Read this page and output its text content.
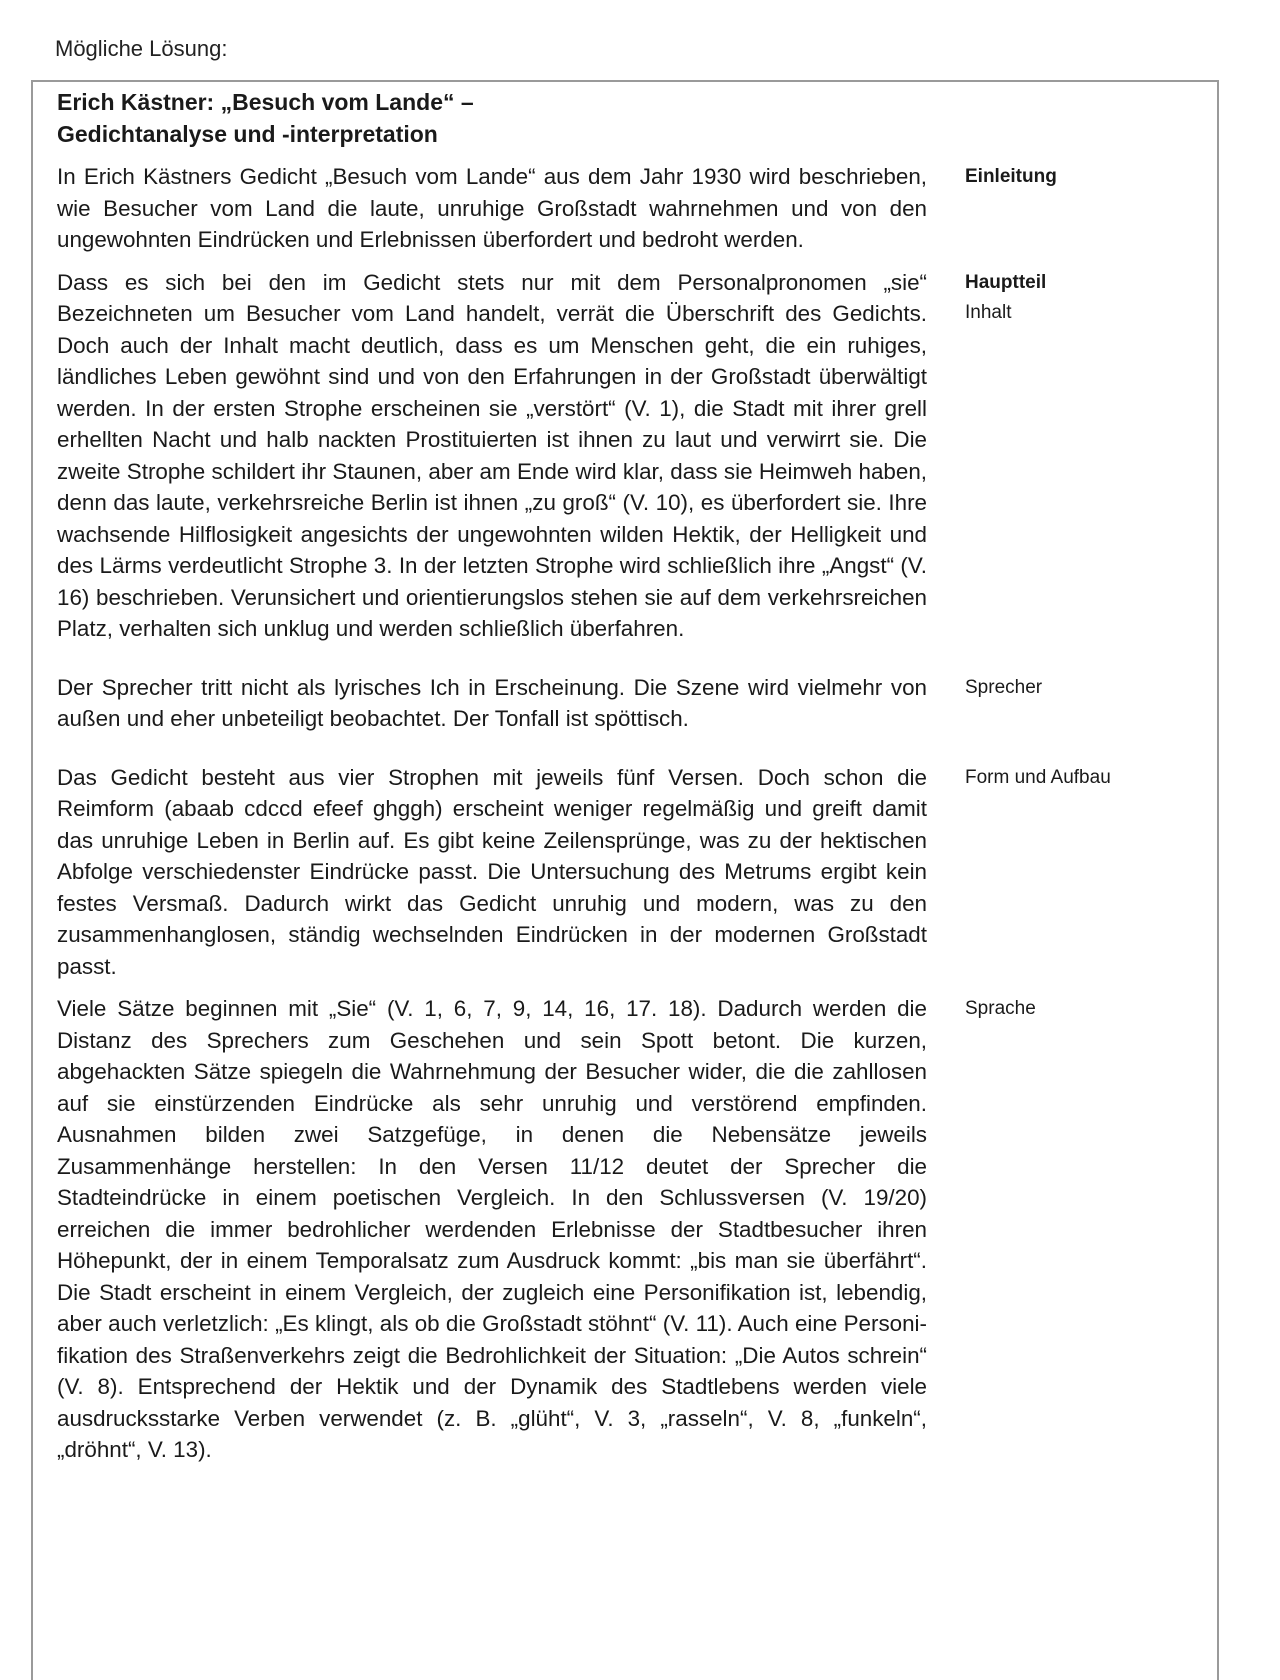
Mögliche Lösung:
Erich Kästner: „Besuch vom Lande“ –
Gedichtanalyse und -interpretation

In Erich Kästners Gedicht „Besuch vom Lande“ aus dem Jahr 1930 wird beschrieben, wie Besucher vom Land die laute, unruhige Großstadt wahrnehmen und von den ungewohnten Eindrücken und Erlebnissen überfordert und bedroht werden.

Einleitung

Dass es sich bei den im Gedicht stets nur mit dem Personalpronomen „sie“ Bezeichneten um Besucher vom Land handelt, verrät die Überschrift des Gedichts. Doch auch der Inhalt macht deutlich, dass es um Menschen geht, die ein ruhiges, ländliches Leben gewöhnt sind und von den Erfahrungen in der Großstadt überwältigt werden. In der ersten Strophe erscheinen sie „verstört“ (V. 1), die Stadt mit ihrer grell erhellten Nacht und halb nackten Prostituierten ist ihnen zu laut und verwirrt sie. Die zweite Strophe schildert ihr Staunen, aber am Ende wird klar, dass sie Heimweh haben, denn das laute, verkehrsreiche Berlin ist ihnen „zu groß“ (V. 10), es überfordert sie. Ihre wachsende Hilflosigkeit angesichts der ungewohnten wilden Hektik, der Helligkeit und des Lärms verdeutlicht Strophe 3. In der letzten Strophe wird schließlich ihre „Angst“ (V. 16) beschrieben. Verunsichert und orientierungslos stehen sie auf dem verkehrsreichen Platz, verhalten sich unklug und werden schließlich überfahren.

Hauptteil
Inhalt

Der Sprecher tritt nicht als lyrisches Ich in Erscheinung. Die Szene wird vielmehr von außen und eher unbeteiligt beobachtet. Der Tonfall ist spöttisch.

Sprecher

Das Gedicht besteht aus vier Strophen mit jeweils fünf Versen. Doch schon die Reimform (abaab cdccd efeef ghggh) erscheint weniger regelmäßig und greift damit das unruhige Leben in Berlin auf. Es gibt keine Zeilensprünge, was zu der hektischen Abfolge verschiedenster Eindrücke passt. Die Untersuchung des Metrums ergibt kein festes Versmaß. Dadurch wirkt das Gedicht unruhig und modern, was zu den zusammenhanglosen, ständig wechselnden Eindrücken in der modernen Großstadt passt.

Form und Aufbau

Viele Sätze beginnen mit „Sie“ (V. 1, 6, 7, 9, 14, 16, 17. 18). Dadurch werden die Distanz des Sprechers zum Geschehen und sein Spott betont. Die kurzen, abgehackten Sätze spiegeln die Wahrnehmung der Besucher wider, die die zahllosen auf sie einstürzenden Eindrücke als sehr unruhig und verstörend empfinden. Ausnahmen bilden zwei Satzgefüge, in denen die Nebensätze jeweils Zusammenhänge herstellen: In den Versen 11/12 deutet der Sprecher die Stadteindrücke in einem poetischen Vergleich. In den Schlussversen (V. 19/20) erreichen die immer bedrohlicher werdenden Erlebnisse der Stadtbesucher ihren Höhepunkt, der in einem Temporalsatz zum Ausdruck kommt: „bis man sie überfährt“. Die Stadt erscheint in einem Vergleich, der zugleich eine Personifikation ist, lebendig, aber auch verletzlich: „Es klingt, als ob die Großstadt stöhnt“ (V. 11). Auch eine Personifikation des Straßenverkehrs zeigt die Bedrohlichkeit der Situation: „Die Autos schrein“ (V. 8). Entsprechend der Hektik und der Dynamik des Stadtlebens werden viele ausdrucksstarke Verben verwendet (z. B. „glüht“, V. 3, „rasseln“, V. 8, „funkeln“, „dröhnt“, V. 13).

Sprache
